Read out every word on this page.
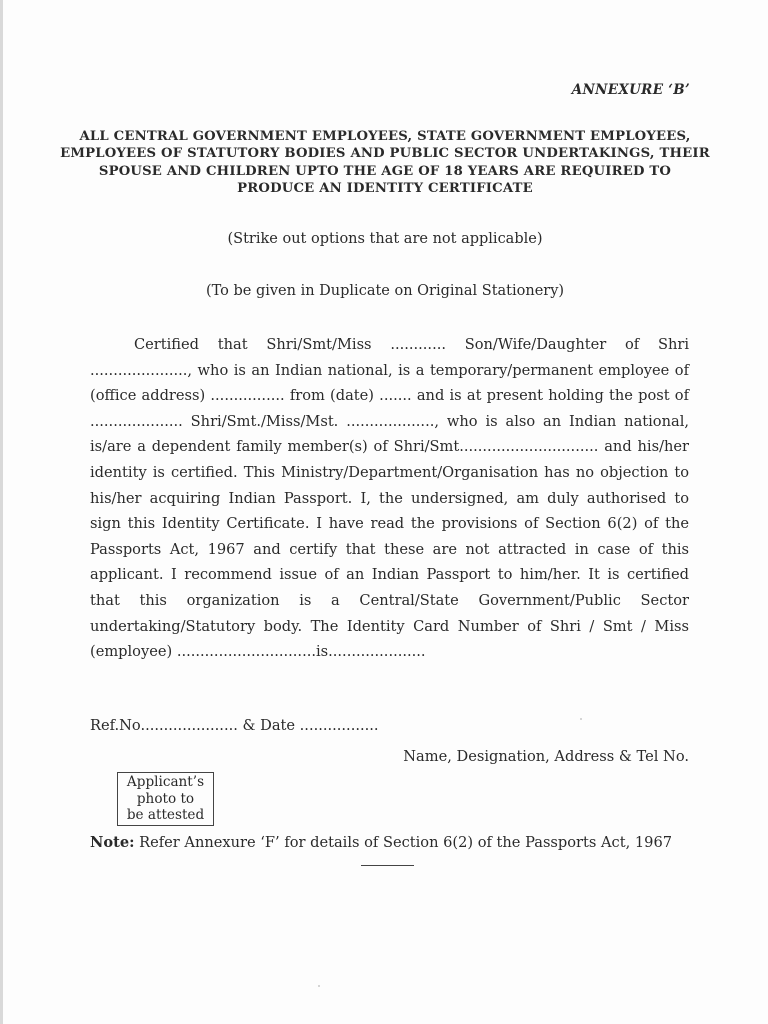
ANNEXURE ‘B’
ALL CENTRAL GOVERNMENT EMPLOYEES, STATE GOVERNMENT EMPLOYEES, EMPLOYEES OF STATUTORY BODIES AND PUBLIC SECTOR UNDERTAKINGS, THEIR SPOUSE AND CHILDREN UPTO THE AGE OF 18 YEARS ARE REQUIRED TO PRODUCE AN IDENTITY CERTIFICATE
(Strike out options that are not applicable)
(To be given in Duplicate on Original Stationery)
Certified that Shri/Smt/Miss ............ Son/Wife/Daughter of Shri ....................., who is an Indian national, is a temporary/permanent employee of (office address) ................ from (date) ....... and is at present holding the post of .................... Shri/Smt./Miss/Mst. ..................., who is also an Indian national, is/are a dependent family member(s) of Shri/Smt.............................. and his/her identity is certified. This Ministry/Department/Organisation has no objection to his/her acquiring Indian Passport. I, the undersigned, am duly authorised to sign this Identity Certificate. I have read the provisions of Section 6(2) of the Passports Act, 1967 and certify that these are not attracted in case of this applicant. I recommend issue of an Indian Passport to him/her. It is certified that this organization is a Central/State Government/Public Sector undertaking/Statutory body. The Identity Card Number of Shri / Smt / Miss (employee) ..............................is.....................
Ref.No..................... & Date .................
Name, Designation, Address & Tel No.
Applicant’s
photo to
be attested
Note: Refer Annexure ‘F’ for details of Section 6(2) of the Passports Act, 1967
